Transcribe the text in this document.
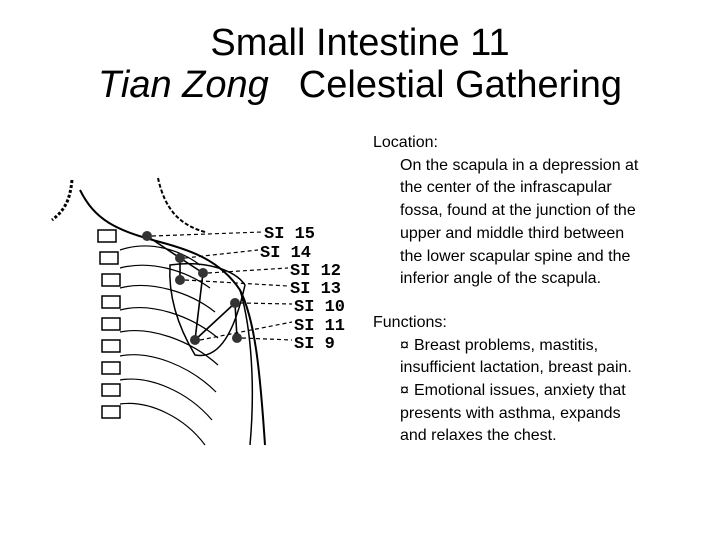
Small Intestine 11
Tian Zong Celestial Gathering
SI 15
SI 14
SI 12
SI 13
SI 10
SI 11
SI 9

Location:

On the scapula in a depression at
the center of the infrascapular
fossa, found at the junction of the
upper and middle third between
the lower scapular spine and the
inferior angle of the scapula.

Functions:

¤ Breast problems, mastitis,
insufficient lactation, breast pain.
¤ Emotional issues, anxiety that
presents with asthma, expands
and relaxes the chest.
